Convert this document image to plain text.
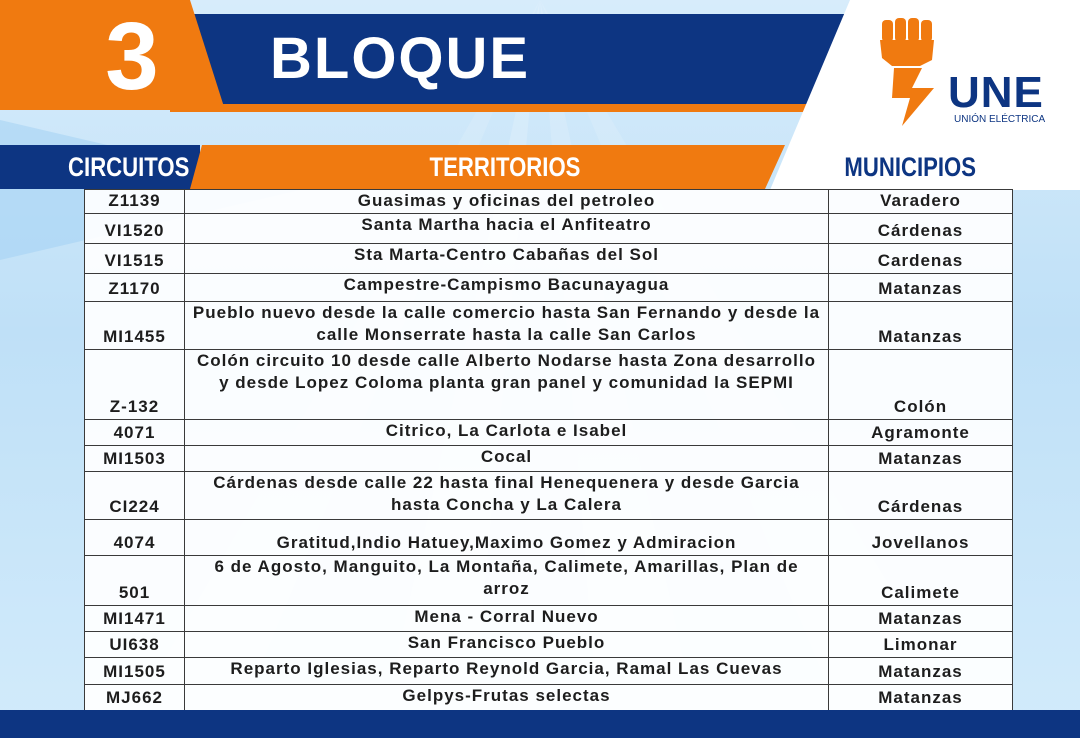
3	BLOQUE
UNE
UNIÓN ELÉCTRICA
CIRCUITOS	TERRITORIOS	MUNICIPIOS
Z1139	Guasimas y oficinas del petroleo	Varadero
VI1520	Santa Martha hacia el Anfiteatro	Cárdenas
VI1515	Sta Marta-Centro Cabañas del Sol	Cardenas
Z1170	Campestre-Campismo Bacunayagua	Matanzas
MI1455	Pueblo nuevo desde la calle comercio hasta San Fernando y desde la calle Monserrate hasta la calle San Carlos	Matanzas
Z-132	Colón circuito 10 desde calle Alberto Nodarse hasta Zona desarrollo y desde Lopez Coloma planta gran panel y comunidad la SEPMI	Colón
4071	Citrico, La Carlota e Isabel	Agramonte
MI1503	Cocal	Matanzas
CI224	Cárdenas desde calle 22 hasta final Henequenera y desde Garcia hasta Concha y La Calera	Cárdenas
4074	Gratitud,Indio Hatuey,Maximo Gomez y Admiracion	Jovellanos
501	6 de Agosto, Manguito, La Montaña, Calimete, Amarillas, Plan de arroz	Calimete
MI1471	Mena - Corral Nuevo	Matanzas
UI638	San Francisco Pueblo	Limonar
MI1505	Reparto Iglesias, Reparto Reynold Garcia, Ramal Las Cuevas	Matanzas
MJ662	Gelpys-Frutas selectas	Matanzas
